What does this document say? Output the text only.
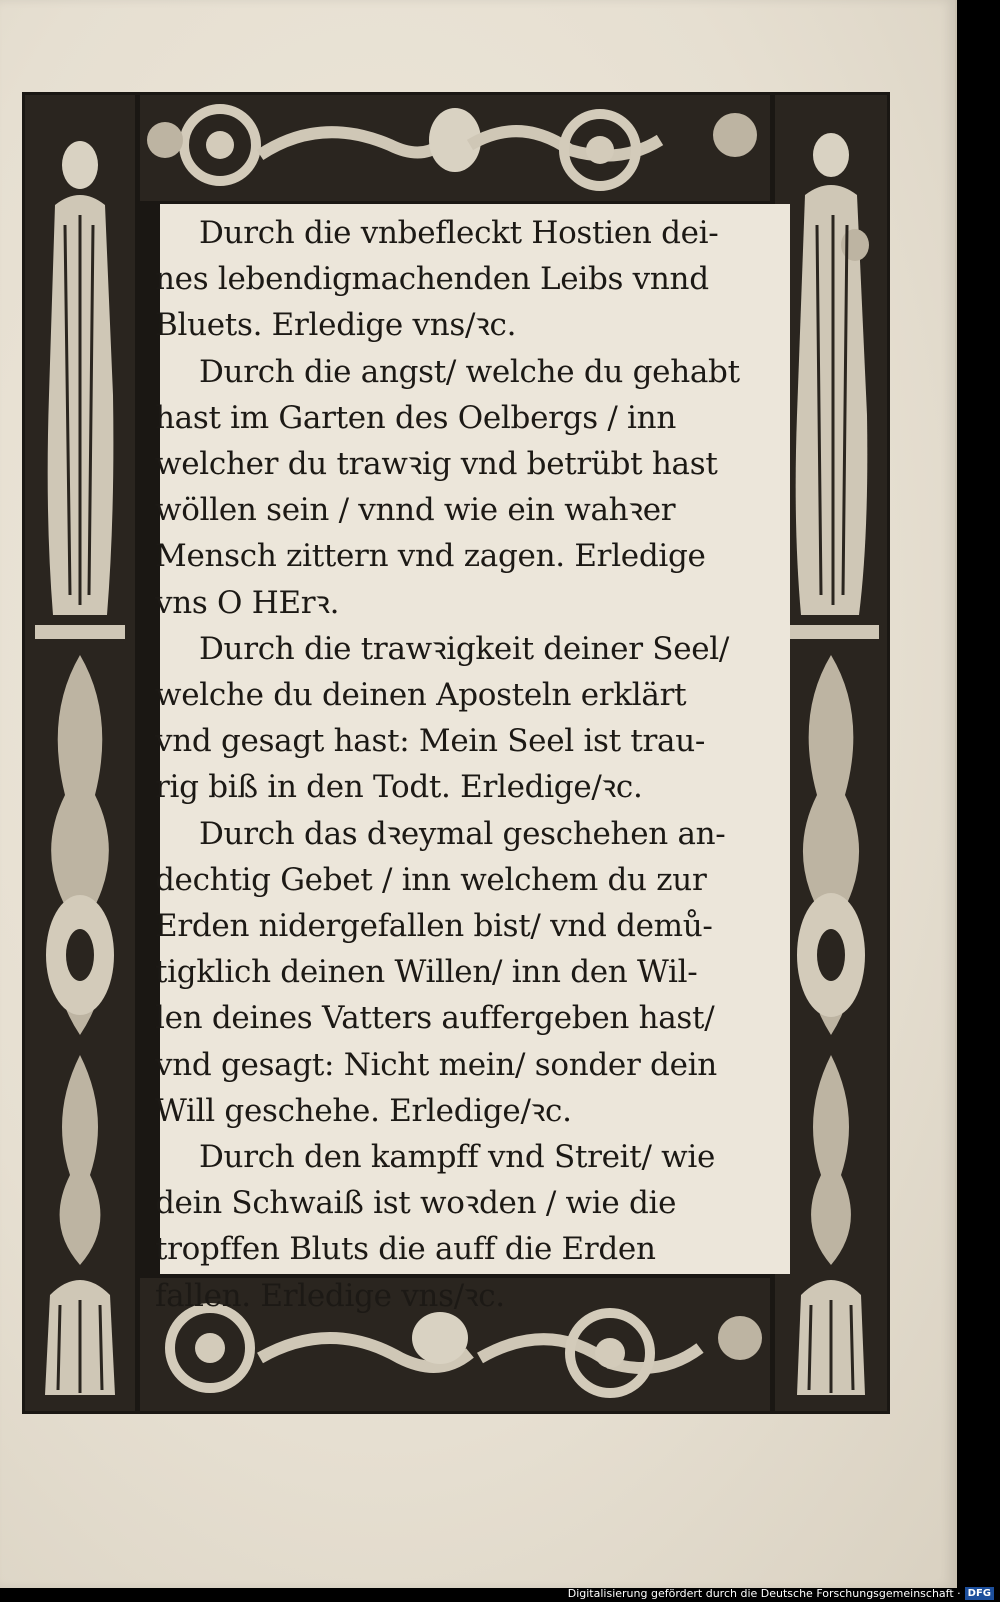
Durch die vnbefleckt Hostien dei-
nes lebendigmachenden Leibs vnnd
Bluets. Erledige vns/ꝛc.
Durch die angst/ welche du gehabt
hast im Garten des Oelbergs / inn
welcher du trawꝛig vnd betrübt hast
wöllen sein / vnnd wie ein wahꝛer
Mensch zittern vnd zagen. Erledige
vns O HErꝛ.
Durch die trawꝛigkeit deiner Seel/
welche du deinen Aposteln erklärt
vnd gesagt hast: Mein Seel ist trau-
rig biß in den Todt. Erledige/ꝛc.
Durch das dꝛeymal geschehen an-
dechtig Gebet / inn welchem du zur
Erden nidergefallen bist/ vnd demů-
tigklich deinen Willen/ inn den Wil-
len deines Vatters auffergeben hast/
vnd gesagt: Nicht mein/ sonder dein
Will geschehe. Erledige/ꝛc.
Durch den kampff vnd Streit/ wie
dein Schwaiß ist woꝛden / wie die
tropffen Bluts die auff die Erden
fallen. Erledige vns/ꝛc.
Digitalisierung gefördert durch die Deutsche Forschungsgemeinschaft · DFG
